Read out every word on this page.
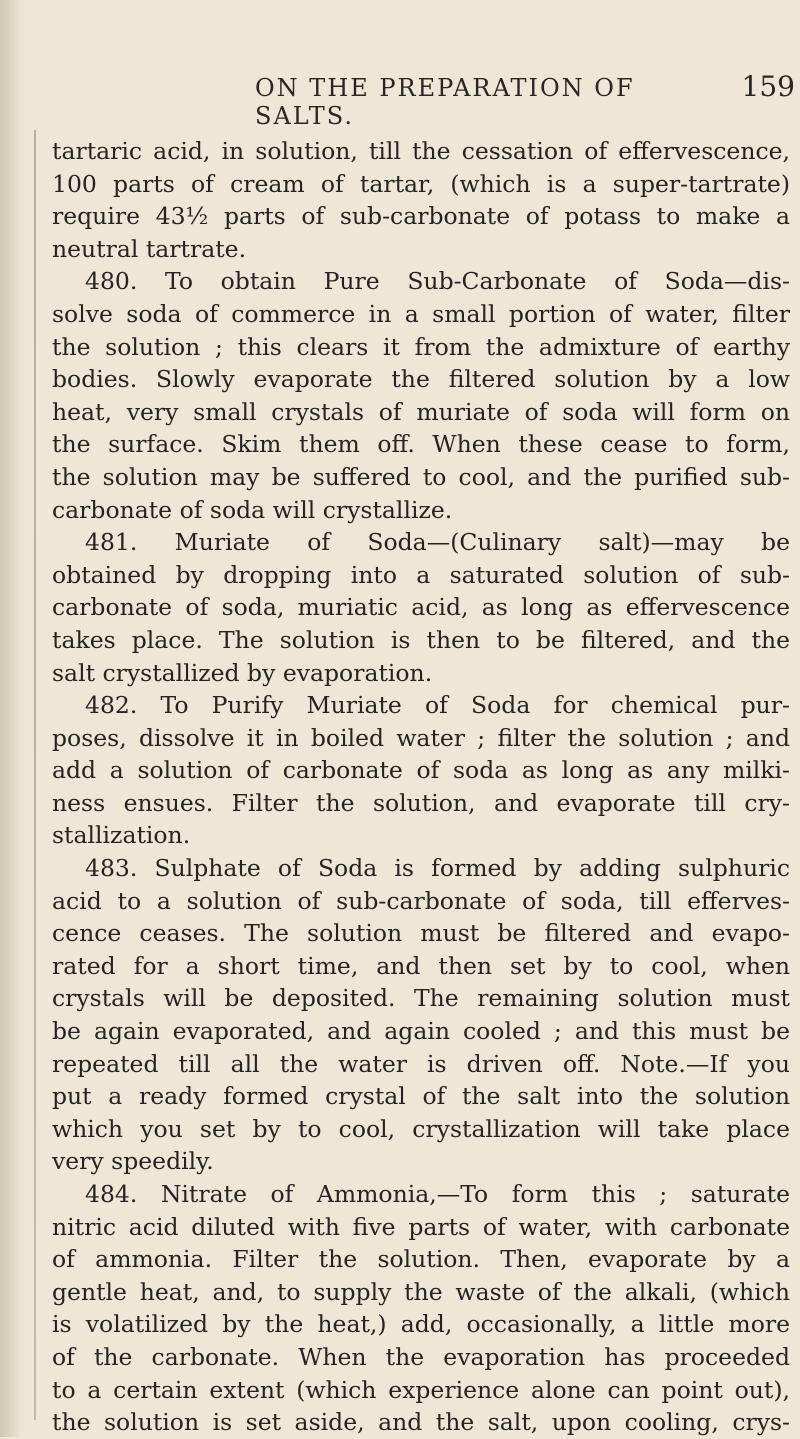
ON THE PREPARATION OF SALTS.
159
tartaric acid, in solution, till the cessation of effervescence,
100 parts of cream of tartar, (which is a super-tartrate)
require 43½ parts of sub-carbonate of potass to make a
neutral tartrate.
480. To obtain Pure Sub-Carbonate of Soda—dis-
solve soda of commerce in a small portion of water, filter
the solution ; this clears it from the admixture of earthy
bodies. Slowly evaporate the filtered solution by a low
heat, very small crystals of muriate of soda will form on
the surface. Skim them off. When these cease to form,
the solution may be suffered to cool, and the purified sub-
carbonate of soda will crystallize.
481. Muriate of Soda—(Culinary salt)—may be
obtained by dropping into a saturated solution of sub-
carbonate of soda, muriatic acid, as long as effervescence
takes place. The solution is then to be filtered, and the
salt crystallized by evaporation.
482. To Purify Muriate of Soda for chemical pur-
poses, dissolve it in boiled water ; filter the solution ; and
add a solution of carbonate of soda as long as any milki-
ness ensues. Filter the solution, and evaporate till cry-
stallization.
483. Sulphate of Soda is formed by adding sulphuric
acid to a solution of sub-carbonate of soda, till efferves-
cence ceases. The solution must be filtered and evapo-
rated for a short time, and then set by to cool, when
crystals will be deposited. The remaining solution must
be again evaporated, and again cooled ; and this must be
repeated till all the water is driven off. Note.—If you
put a ready formed crystal of the salt into the solution
which you set by to cool, crystallization will take place
very speedily.
484. Nitrate of Ammonia,—To form this ; saturate
nitric acid diluted with five parts of water, with carbonate
of ammonia. Filter the solution. Then, evaporate by a
gentle heat, and, to supply the waste of the alkali, (which
is volatilized by the heat,) add, occasionally, a little more
of the carbonate. When the evaporation has proceeded
to a certain extent (which experience alone can point out),
the solution is set aside, and the salt, upon cooling, crys-
